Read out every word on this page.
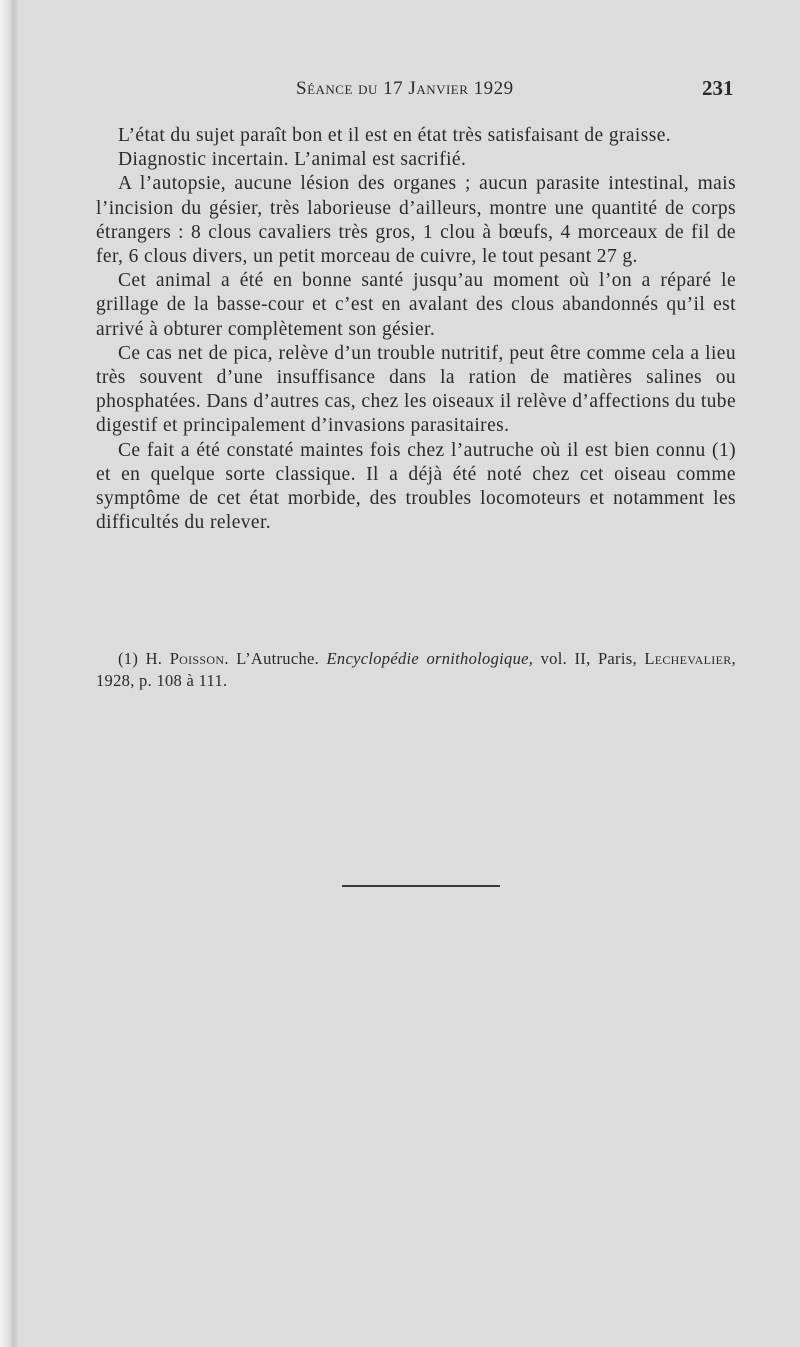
Séance du 17 Janvier 1929	231

L’état du sujet paraît bon et il est en état très satisfaisant de graisse.

Diagnostic incertain. L’animal est sacrifié.

A l’autopsie, aucune lésion des organes ; aucun parasite intestinal, mais l’incision du gésier, très laborieuse d’ailleurs, montre une quantité de corps étrangers : 8 clous cavaliers très gros, 1 clou à bœufs, 4 morceaux de fil de fer, 6 clous divers, un petit morceau de cuivre, le tout pesant 27 g.

Cet animal a été en bonne santé jusqu’au moment où l’on a réparé le grillage de la basse-cour et c’est en avalant des clous abandonnés qu’il est arrivé à obturer complètement son gésier.

Ce cas net de pica, relève d’un trouble nutritif, peut être comme cela a lieu très souvent d’une insuffisance dans la ration de matières salines ou phosphatées. Dans d’autres cas, chez les oiseaux il relève d’affections du tube digestif et principalement d’invasions parasitaires.

Ce fait a été constaté maintes fois chez l’autruche où il est bien connu (1) et en quelque sorte classique. Il a déjà été noté chez cet oiseau comme symptôme de cet état morbide, des troubles locomoteurs et notamment les difficultés du relever.

(1) H. Poisson. L’Autruche. Encyclopédie ornithologique, vol. II, Paris, Lechevalier, 1928, p. 108 à 111.
